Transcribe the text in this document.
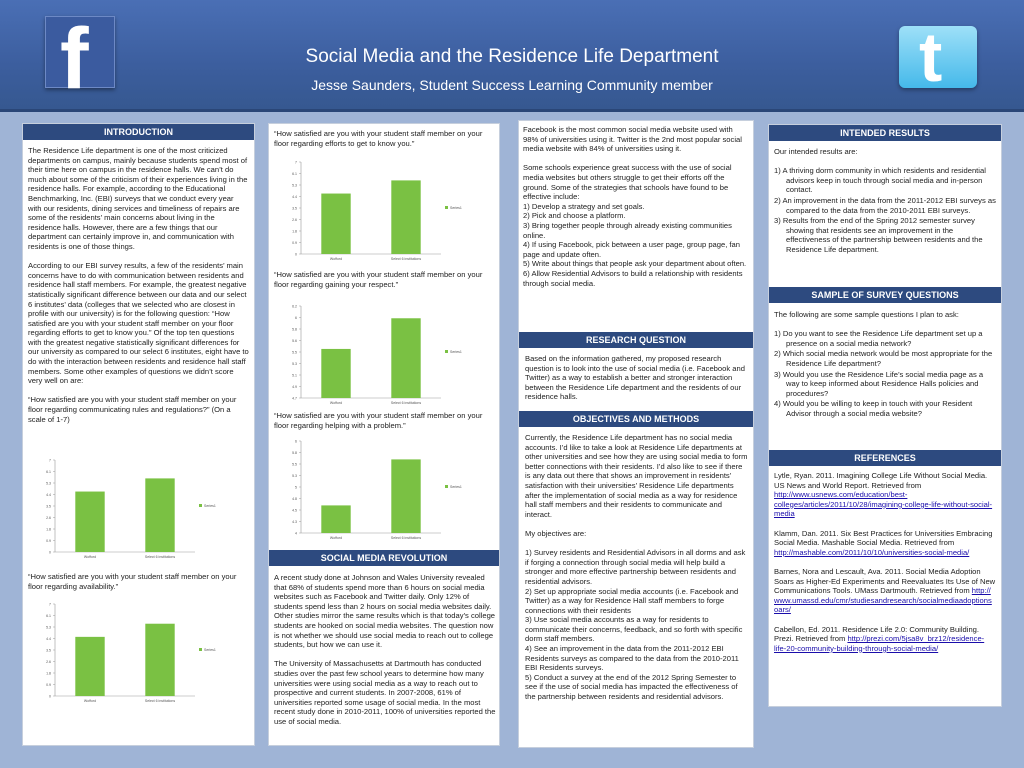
f	Social Media and the Residence Life Department
Jesse Saunders, Student Success Learning Community member	t
INTRODUCTION

The Residence Life department is one of the most criticized departments on campus, mainly because students spend most of their time here on campus in the residence halls. We can’t do much about some of the criticism of their experiences living in the residence halls. For example, according to the Educational Benchmarking, Inc. (EBI) surveys that we conduct every year with our residents, dining services and timeliness of repairs are some of the residents’ main concerns about living in the residence halls. However, there are a few things that our department can certainly improve in, and communication with residents is one of those things.

According to our EBI survey results, a few of the residents’ main concerns have to do with communication between residents and residence hall staff members. For example, the greatest negative statistically significant difference between our data and our select 6 institutes’ data (colleges that we selected who are closest in profile with our university) is for the following question: “How satisfied are you with your student staff member on your floor regarding efforts to get to know you.” Of the top ten questions with the greatest negative statistically significant differences for our university as compared to our select 6 institutes, eight have to do with the interaction between residents and residence hall staff members. Some other examples of questions we didn’t score very well on are:

“How satisfied are you with your student staff member on your floor regarding communicating rules and regulations?” (On a scale of 1-7)

0
0.9
1.8
2.6
3.5
4.4
5.3
6.1
7
Wofford	Select 6 institutions
Series1
“How satisfied are you with your student staff member on your floor regarding availability.”
0
0.9
1.8
2.6
3.5
4.4
5.3
6.1
7
Wofford	Select 6 institutions
Series1
“How satisfied are you with your student staff member on your floor regarding efforts to get to know you.”
0
0.9
1.8
2.6
3.5
4.4
5.3
6.1
7
Wofford	Select 6 institutions
Series1
“How satisfied are you with your student staff member on your floor regarding gaining your respect.”
4.7
4.9
5.1
5.3
5.5
5.6
5.8
6
6.2
Wofford	Select 6 institutions
Series1
“How satisfied are you with your student staff member on your floor regarding helping with a problem.”
4
4.3
4.5
4.8
5
5.3
5.5
5.8
6
Wofford	Select 6 institutions
Series1
SOCIAL MEDIA REVOLUTION

A recent study done at Johnson and Wales University revealed that 68% of students spend more than 6 hours on social media websites such as Facebook and Twitter daily. Only 12% of students spend less than 2 hours on social media websites daily. Other studies mirror the same results which is that today’s college students are hooked on social media websites. The question now is not whether we should use social media to reach out to college students, but how we can use it.

The University of Massachusetts at Dartmouth has conducted studies over the past few school years to determine how many universities were using social media as a way to reach out to prospective and current students. In 2007-2008, 61% of universities reported some usage of social media. In the most recent study done in 2010-2011, 100% of universities reported the use of social media.

Facebook is the most common social media website used with 98% of universities using it. Twitter is the 2nd most popular social media website with 84% of universities using it.

Some schools experience great success with the use of social media websites but others struggle to get their efforts off the ground. Some of the strategies that schools have found to be effective include:
1) Develop a strategy and set goals.
2) Pick and choose a platform.
3) Bring together people through already existing communities online.
4) If using Facebook, pick between a user page, group page, fan page and update often.
5) Write about things that people ask your department about often.
6) Allow Residential Advisors to build a relationship with residents through social media.
RESEARCH QUESTION
Based on the information gathered, my proposed research question is to look into the use of social media (i.e. Facebook and Twitter) as a way to establish a better and stronger interaction between the Residence Life department and the residents of our residence halls.
OBJECTIVES AND METHODS

Currently, the Residence Life department has no social media accounts. I’d like to take a look at Residence Life departments at other universities and see how they are using social media to form better connections with their residents. I’d also like to see if there is any data out there that shows an improvement in residents’ satisfaction with their universities’ Residence Life departments after the implementation of social media as a way for residence hall staff members and their residents to communicate and interact.

My objectives are:

1) Survey residents and Residential Advisors in all dorms and ask if forging a connection through social media will help build a stronger and more effective partnership between residents and residential advisors.
2) Set up appropriate social media accounts (i.e. Facebook and Twitter) as a way for Residence Hall staff members to forge connections with their residents
3) Use social media accounts as a way for residents to communicate their concerns, feedback, and so forth with specific dorm staff members.
4) See an improvement in the data from the 2011-2012 EBI Residents surveys as compared to the data from the 2010-2011 EBI Residents surveys.
5) Conduct a survey at the end of the 2012 Spring Semester to see if the use of social media has impacted the effectiveness of the partnership between residents and residential advisors.
INTENDED RESULTS

Our intended results are:

1) A thriving dorm community in which residents and residential advisors keep in touch through social media and in-person contact.
2) An improvement in the data from the 2011-2012 EBI surveys as compared to the data from the 2010-2011 EBI surveys.
3) Results from the end of the Spring 2012 semester survey showing that residents see an improvement in the effectiveness of the partnership between residents and the Residence Life department.
SAMPLE OF SURVEY QUESTIONS

The following are some sample questions I plan to ask:

1) Do you want to see the Residence Life department set up a presence on a social media network?
2) Which social media network would be most appropriate for the Residence Life department?
3) Would you use the Residence Life’s social media page as a way to keep informed about Residence Halls policies and procedures?
4) Would you be willing to keep in touch with your Resident Advisor through a social media website?
REFERENCES

Lytle, Ryan. 2011. Imagining College Life Without Social Media. US News and World Report. Retrieved from http://www.usnews.com/education/best-colleges/articles/2011/10/28/imagining-college-life-without-social-media

Klamm, Dan. 2011. Six Best Practices for Universities Embracing Social Media. Mashable Social Media. Retrieved from http://mashable.com/2011/10/10/universities-social-media/

Barnes, Nora and Lescault, Ava. 2011. Social Media Adoption Soars as Higher-Ed Experiments and Reevaluates Its Use of New Communications Tools. UMass Dartmouth. Retrieved from http://www.umassd.edu/cmr/studiesandresearch/socialmediaadoptionsoars/

Cabellon, Ed. 2011. Residence Life 2.0: Community Building. Prezi. Retrieved from http://prezi.com/5jsa8v_brz12/residence-life-20-community-building-through-social-media/
